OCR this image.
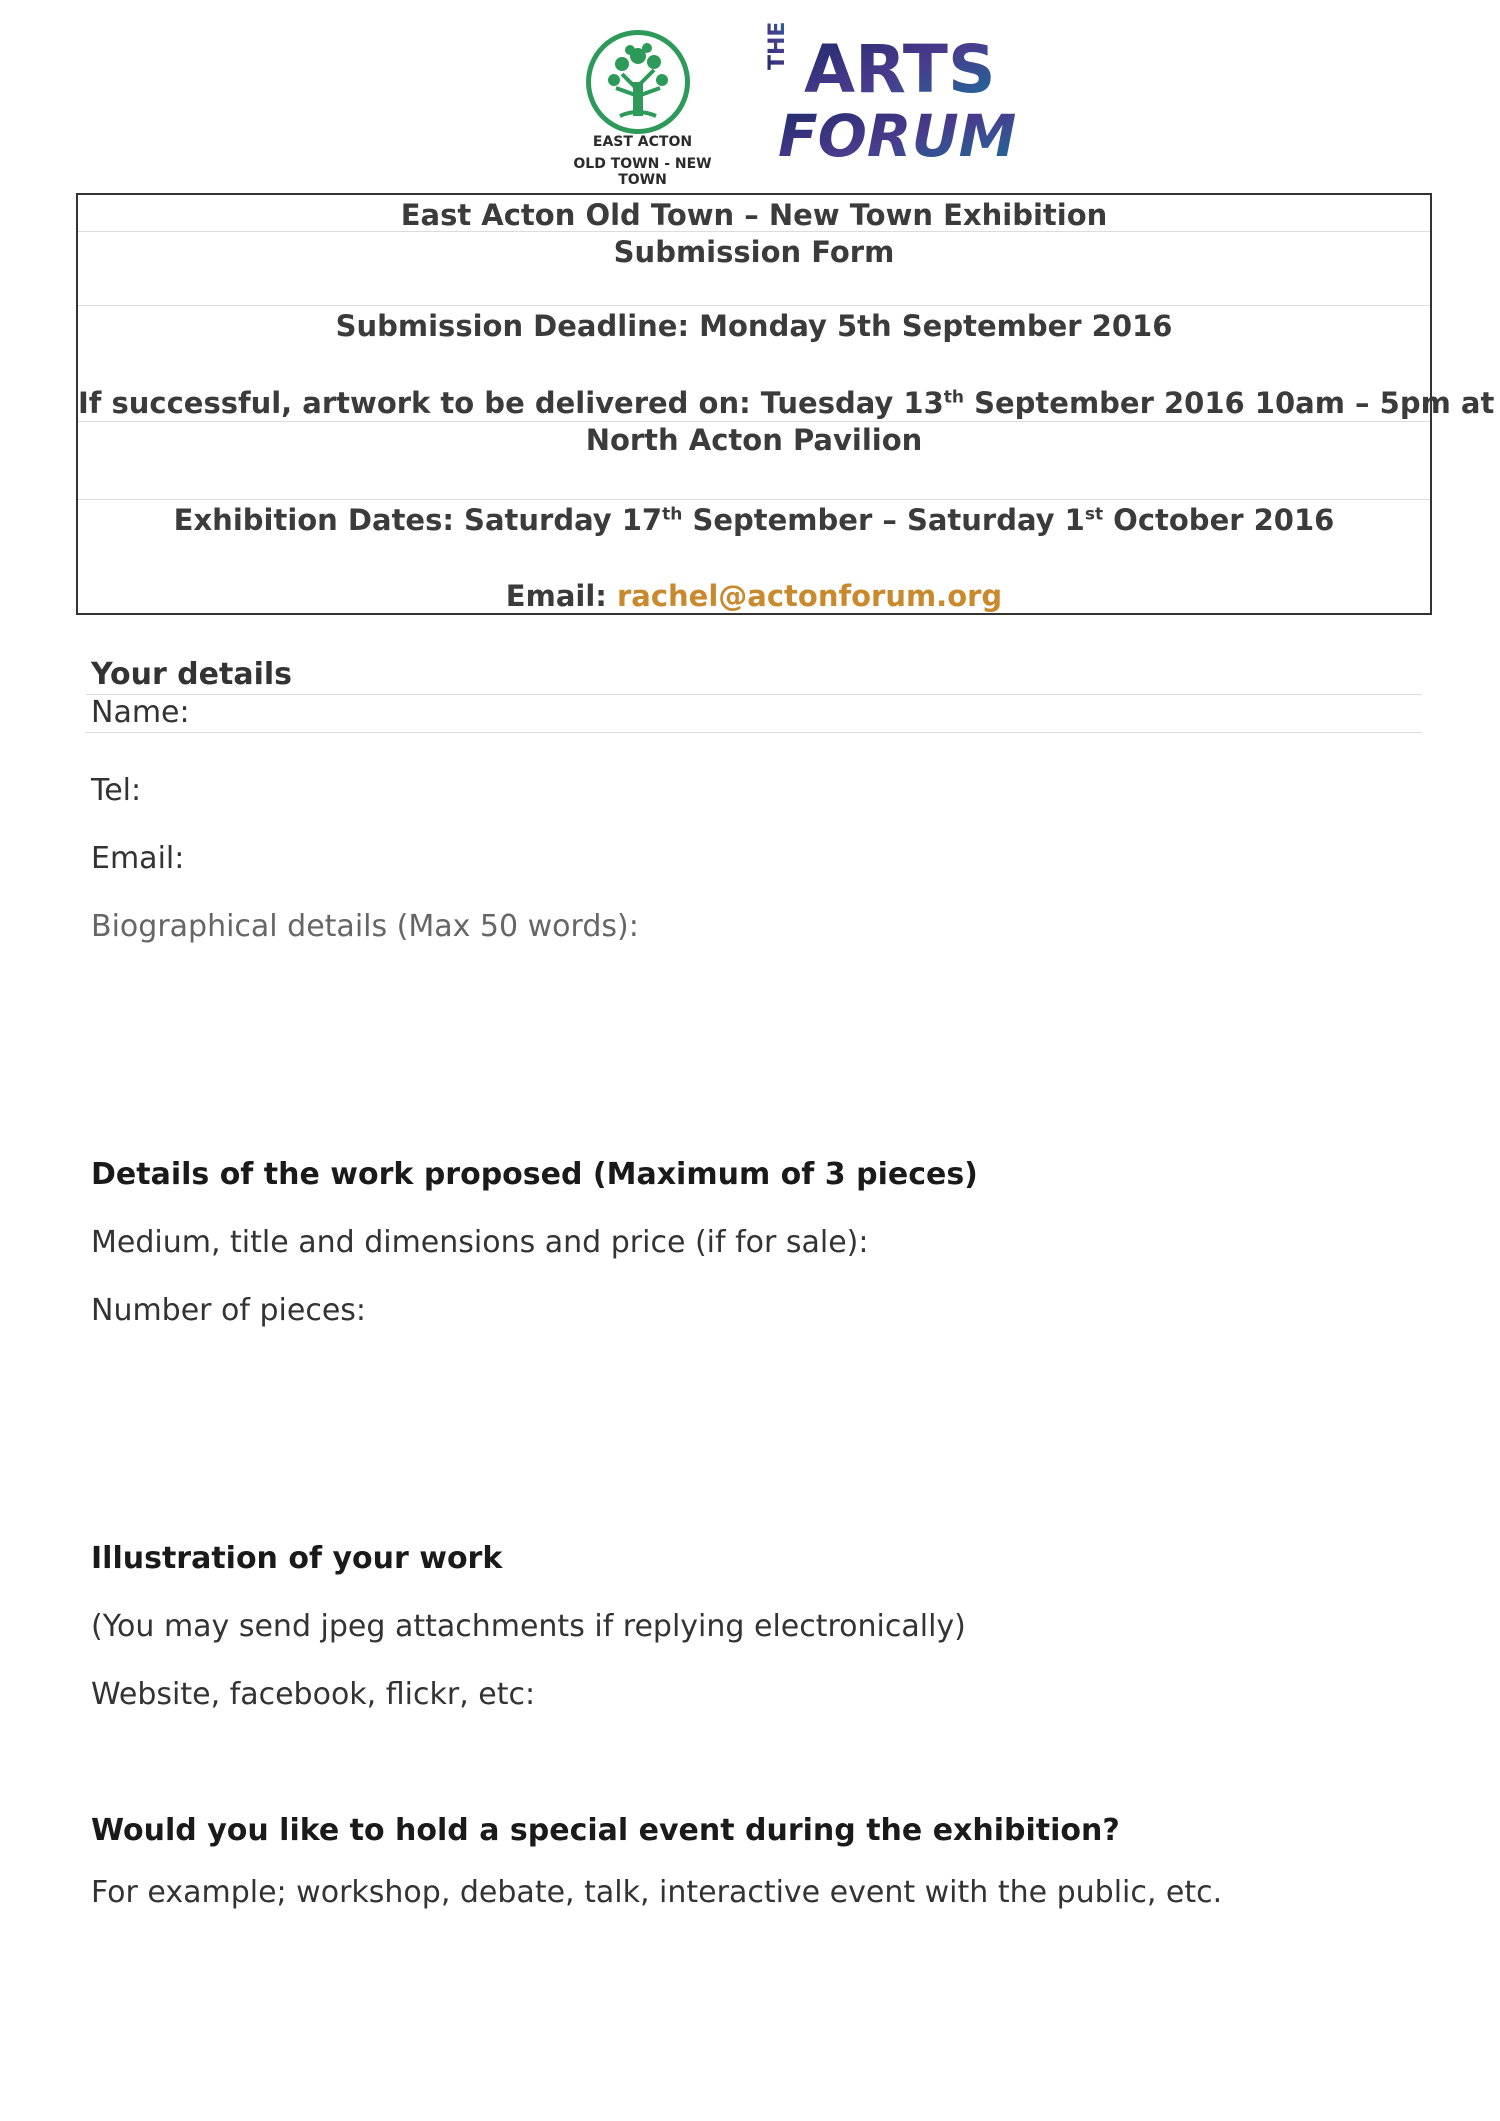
EAST ACTON
OLD TOWN - NEW TOWN
THE ARTS
FORUM
East Acton Old Town – New Town Exhibition
Submission Form
Submission Deadline: Monday 5th September 2016
If successful, artwork to be delivered on: Tuesday 13th September 2016 10am – 5pm at
North Acton Pavilion
Exhibition Dates: Saturday 17th September – Saturday 1st October 2016
Email: rachel@actonforum.org
Your details
Name:
Tel:
Email:
Biographical details (Max 50 words):
Details of the work proposed (Maximum of 3 pieces)
Medium, title and dimensions and price (if for sale):
Number of pieces:
Illustration of your work
(You may send jpeg attachments if replying electronically)
Website, facebook, flickr, etc:
Would you like to hold a special event during the exhibition?
For example; workshop, debate, talk, interactive event with the public, etc.
